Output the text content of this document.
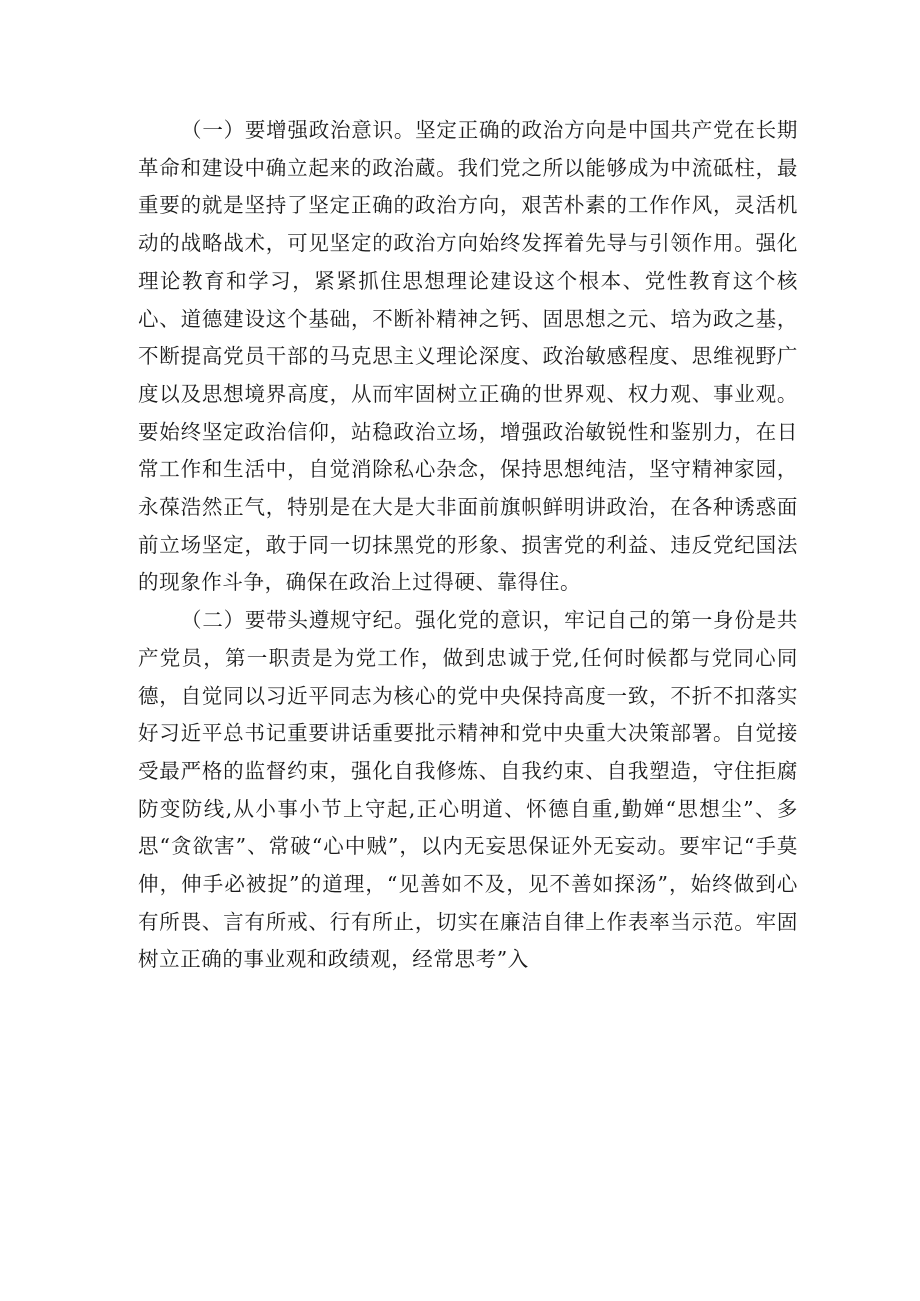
（一）要增强政治意识。坚定正确的政治方向是中国共产党在长期革命和建设中确立起来的政治蔵。我们党之所以能够成为中流砥柱，最重要的就是坚持了坚定正确的政治方向，艰苦朴素的工作作风，灵活机动的战略战术，可见坚定的政治方向始终发挥着先导与引领作用。强化理论教育和学习，紧紧抓住思想理论建设这个根本、党性教育这个核心、道德建设这个基础，不断补精神之钙、固思想之元、培为政之基，不断提高党员干部的马克思主义理论深度、政治敏感程度、思维视野广度以及思想境界高度，从而牢固树立正确的世界观、权力观、事业观。要始终坚定政治信仰，站稳政治立场，增强政治敏锐性和鉴别力，在日常工作和生活中，自觉消除私心杂念，保持思想纯洁，坚守精神家园，永葆浩然正气，特别是在大是大非面前旗帜鲜明讲政治，在各种诱惑面前立场坚定，敢于同一切抹黑党的形象、损害党的利益、违反党纪国法的现象作斗争，确保在政治上过得硬、靠得住。

（二）要带头遵规守纪。强化党的意识，牢记自己的第一身份是共产党员，第一职责是为党工作，做到忠诚于党,任何时候都与党同心同德，自觉同以习近平同志为核心的党中央保持高度一致，不折不扣落实好习近平总书记重要讲话重要批示精神和党中央重大决策部署。自觉接受最严格的监督约束，强化自我修炼、自我约束、自我塑造，守住拒腐防变防线,从小事小节上守起,正心明道、怀德自重,勤婵“思想尘”、多思“贪欲害”、常破“心中贼”，以内无妄思保证外无妄动。要牢记“手莫伸，伸手必被捉”的道理，“见善如不及，见不善如探汤”，始终做到心有所畏、言有所戒、行有所止，切实在廉洁自律上作表率当示范。牢固树立正确的事业观和政绩观，经常思考”入
